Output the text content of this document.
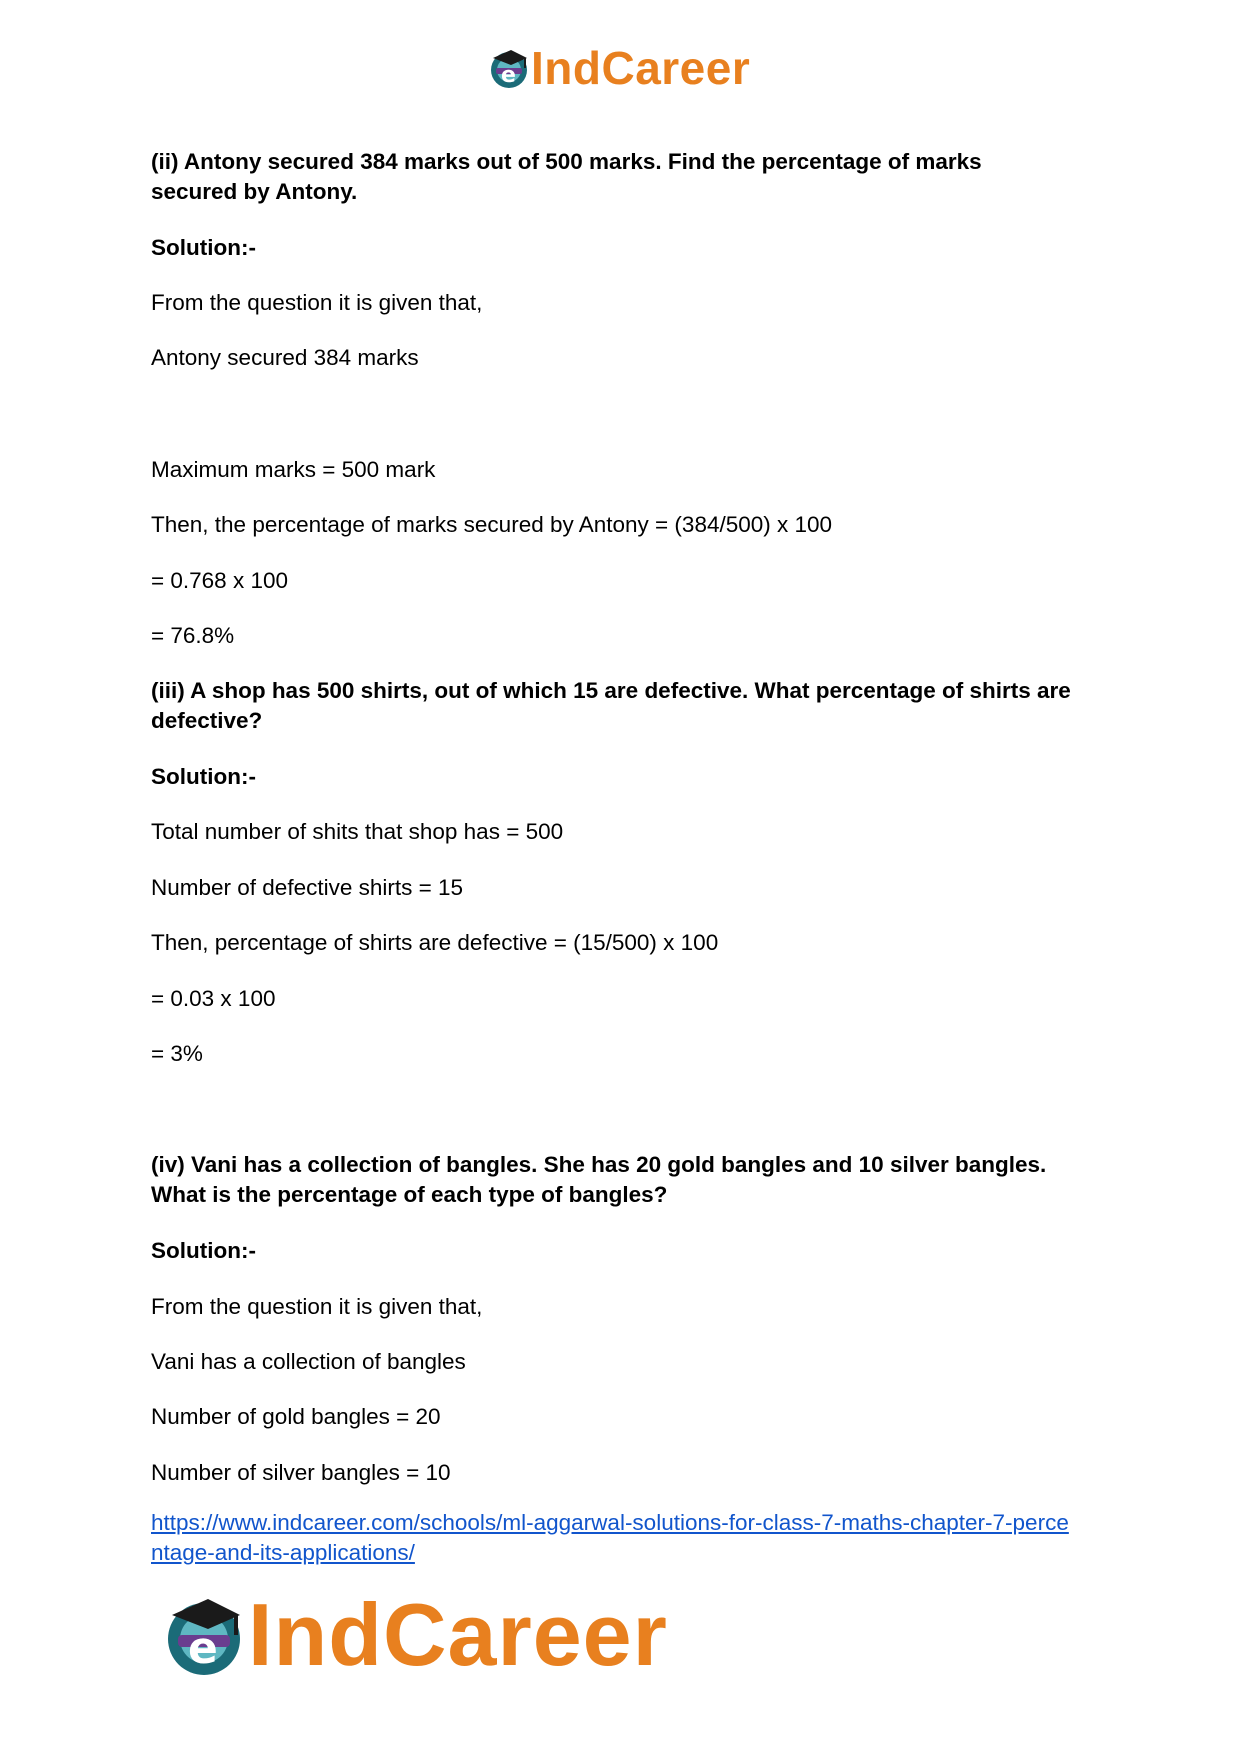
e IndCareer
(ii) Antony secured 384 marks out of 500 marks. Find the percentage of marks
secured by Antony.
Solution:-
From the question it is given that,
Antony secured 384 marks
Maximum marks = 500 mark
Then, the percentage of marks secured by Antony = (384/500) x 100
= 0.768 x 100
= 76.8%
(iii) A shop has 500 shirts, out of which 15 are defective. What percentage of shirts are
defective?
Solution:-
Total number of shits that shop has = 500
Number of defective shirts = 15
Then, percentage of shirts are defective = (15/500) x 100
= 0.03 x 100
= 3%
(iv) Vani has a collection of bangles. She has 20 gold bangles and 10 silver bangles.
What is the percentage of each type of bangles?
Solution:-
From the question it is given that,
Vani has a collection of bangles
Number of gold bangles = 20
Number of silver bangles = 10
https://www.indcareer.com/schools/ml-aggarwal-solutions-for-class-7-maths-chapter-7-perce
ntage-and-its-applications/
e IndCareer
